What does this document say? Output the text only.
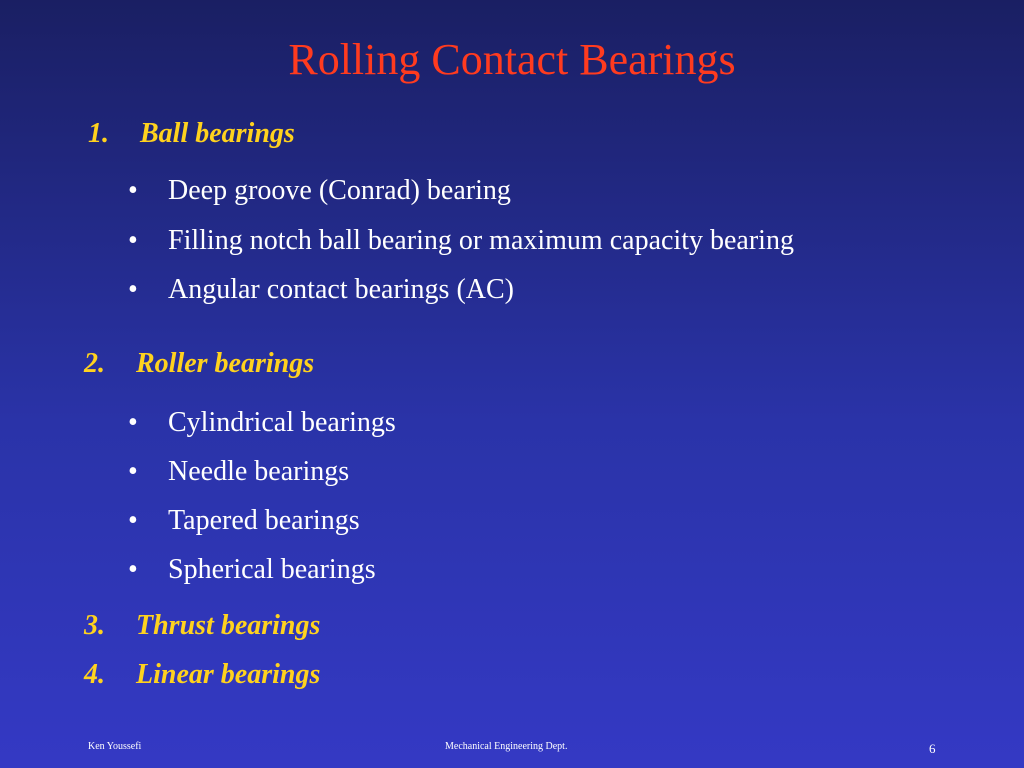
Rolling Contact Bearings
1. Ball bearings
• Deep groove (Conrad) bearing
• Filling notch ball bearing or maximum capacity bearing
• Angular contact bearings (AC)
2. Roller bearings
• Cylindrical bearings
• Needle bearings
• Tapered bearings
• Spherical bearings
3. Thrust bearings
4. Linear bearings
Ken Youssefi	Mechanical Engineering Dept.	6
